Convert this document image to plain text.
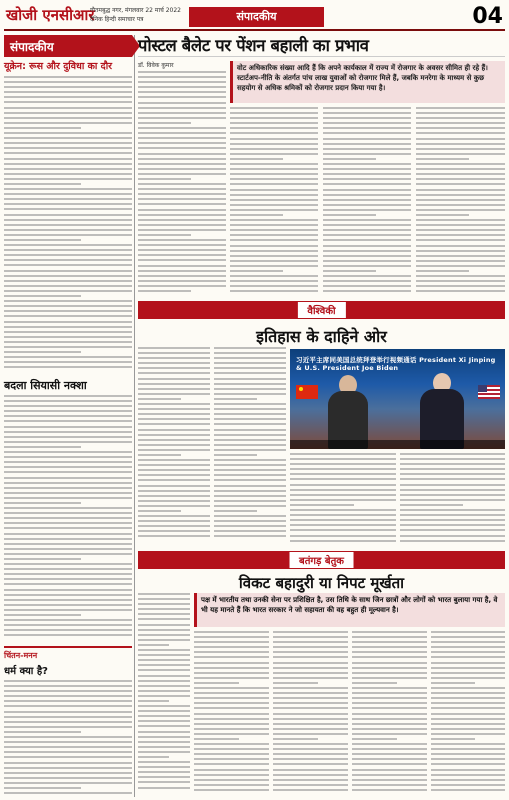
खोजी एनसीआर
गौतमबुद्ध नगर, मंगलवार 22 मार्च 2022
दैनिक हिन्दी समाचार पत्र	संपादकीय	04
संपादकीय
यूक्रेन: रूस और दुविधा का दौर
बदला सियासी नक्शा
चिंतन-मनन
धर्म क्या है?
पोस्टल बैलेट पर पेंशन बहाली का प्रभाव
डॉ. विवेक कुमार	वोट अधिकारिक संख्या आदि हैं कि अपने कार्यकाल में राज्य में रोजगार के अवसर सीमित ही रहे हैं। स्टार्टअप-नीति के अंतर्गत पांच लाख युवाओं को रोजगार मिले हैं, जबकि मनरेगा के माध्यम से कुछ सहयोग से अधिक श्रमिकों को रोजगार प्रदान किया गया है।
वैश्विकी
इतिहास के दाहिने ओर
习近平主席同美国总统拜登举行视频通话 President Xi Jinping & U.S. President Joe Biden
बतंगड़ बेतुक
विकट बहादुरी या निपट मूर्खता
पक्ष में भारतीय तथा उनकी सेना पर प्रशिक्षित है, उस तिथि के साथ जिन छात्रों और लोगों को भारत बुलाया गया है, वे भी यह मानते हैं कि भारत सरकार ने जो सहायता की वह बहुत ही मूल्यवान है।
